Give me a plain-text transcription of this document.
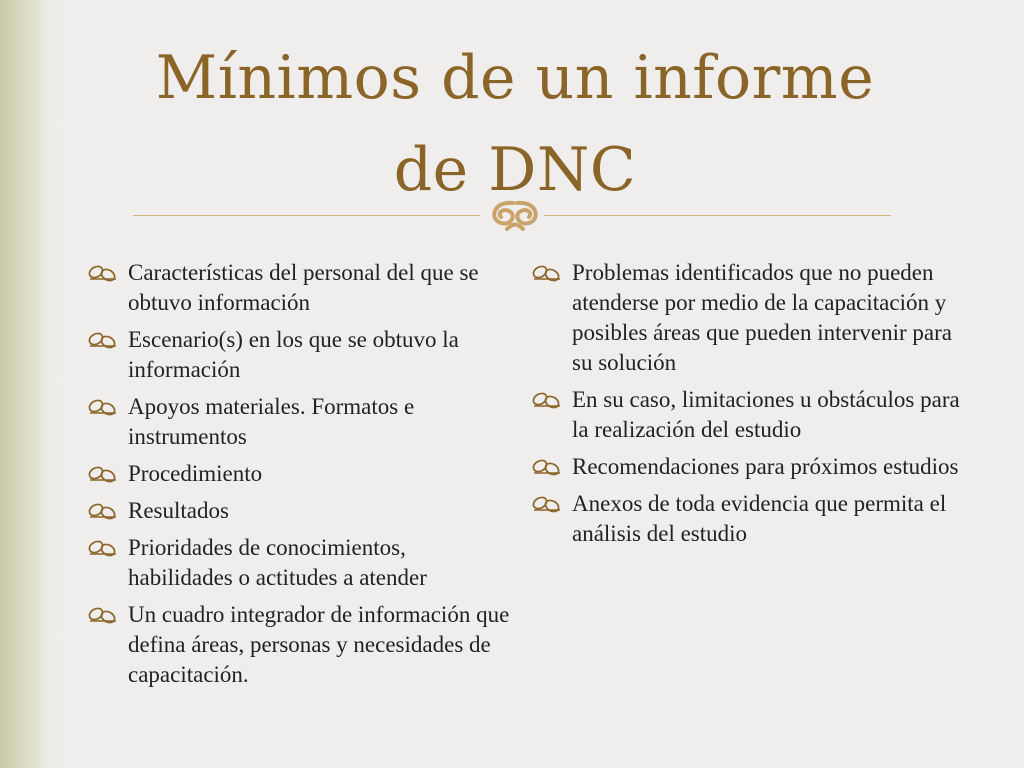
Mínimos de un informe
de DNC
Características del personal del que se obtuvo información
Escenario(s) en los que se obtuvo la información
Apoyos materiales. Formatos e instrumentos
Procedimiento
Resultados
Prioridades de conocimientos, habilidades o actitudes a atender
Un cuadro integrador de información que defina áreas, personas y necesidades de capacitación.
Problemas identificados que no pueden atenderse por medio de la capacitación y posibles áreas que pueden intervenir para su solución
En su caso, limitaciones u obstáculos para la realización del estudio
Recomendaciones para próximos estudios
Anexos de toda evidencia que permita el análisis del estudio
